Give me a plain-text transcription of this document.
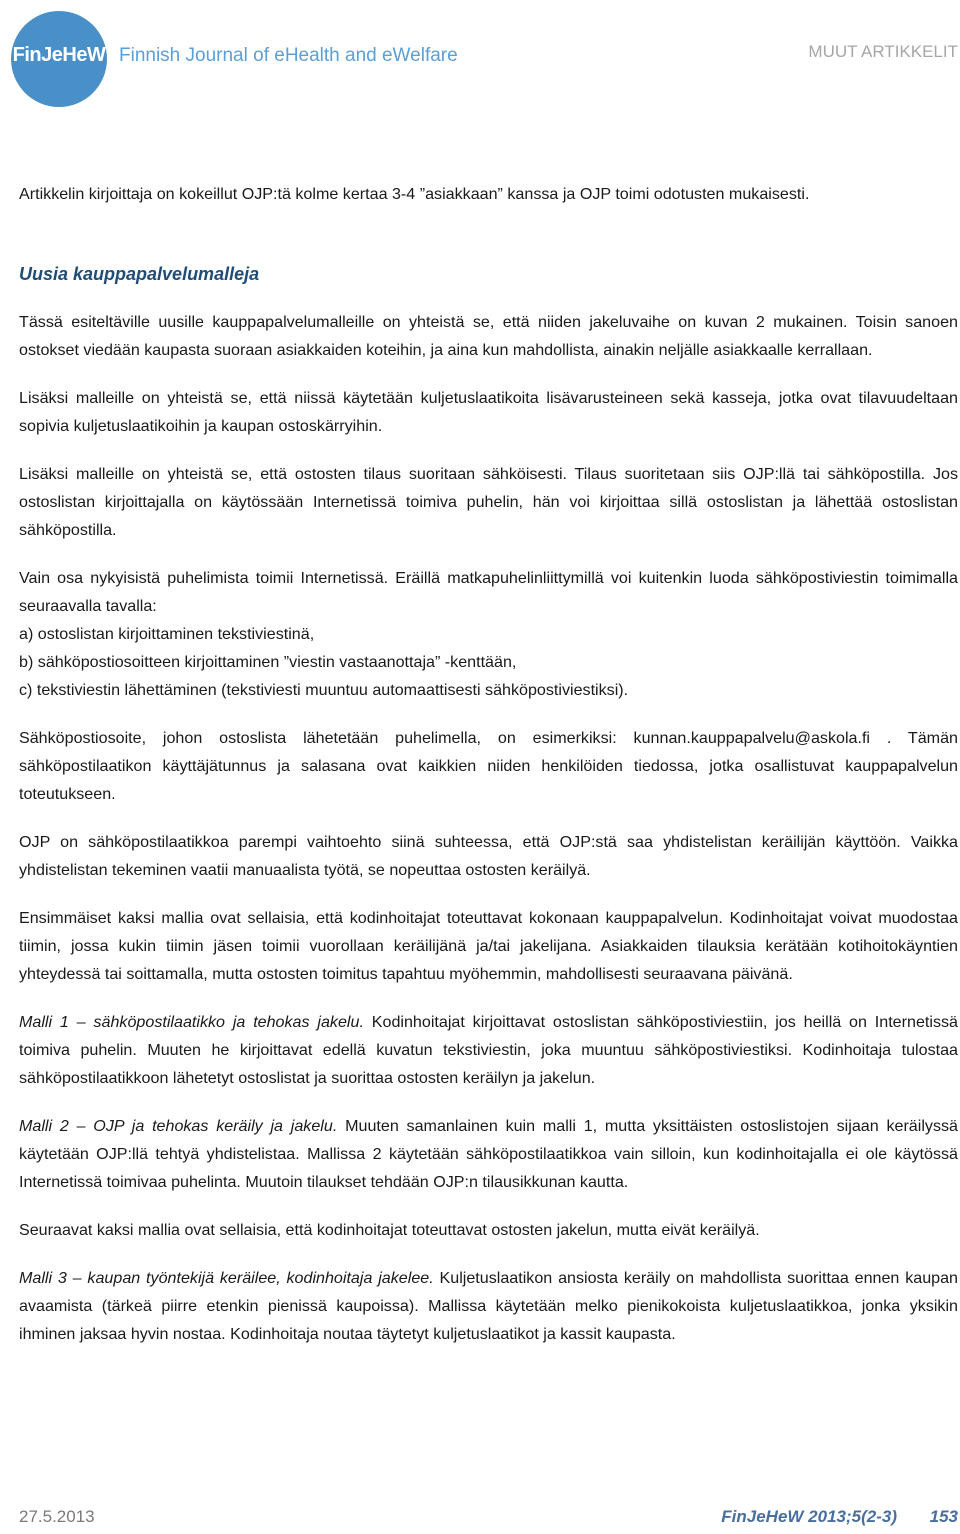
FinJeHeW Finnish Journal of eHealth and eWelfare	MUUT ARTIKKELIT

Artikkelin kirjoittaja on kokeillut OJP:tä kolme kertaa 3-4 ”asiakkaan” kanssa ja OJP toimi odotusten mukaisesti.

Uusia kauppapalvelumalleja

Tässä esiteltäville uusille kauppapalvelumalleille on yhteistä se, että niiden jakeluvaihe on kuvan 2 mukainen. Toisin sanoen ostokset viedään kaupasta suoraan asiakkaiden koteihin, ja aina kun mahdollista, ainakin neljälle asiakkaalle kerrallaan.

Lisäksi malleille on yhteistä se, että niissä käytetään kuljetuslaatikoita lisävarusteineen sekä kasseja, jotka ovat tilavuudeltaan sopivia kuljetuslaatikoihin ja kaupan ostoskärryihin.

Lisäksi malleille on yhteistä se, että ostosten tilaus suoritaan sähköisesti. Tilaus suoritetaan siis OJP:llä tai sähköpostilla. Jos ostoslistan kirjoittajalla on käytössään Internetissä toimiva puhelin, hän voi kirjoittaa sillä ostoslistan ja lähettää ostoslistan sähköpostilla.

Vain osa nykyisistä puhelimista toimii Internetissä. Eräillä matkapuhelinliittymillä voi kuitenkin luoda sähköpostiviestin toimimalla seuraavalla tavalla:

a) ostoslistan kirjoittaminen tekstiviestinä,

b) sähköpostiosoitteen kirjoittaminen ”viestin vastaanottaja” -kenttään,

c) tekstiviestin lähettäminen (tekstiviesti muuntuu automaattisesti sähköpostiviestiksi).

Sähköpostiosoite, johon ostoslista lähetetään puhelimella, on esimerkiksi: kunnan.kauppapalvelu@askola.fi . Tämän sähköpostilaatikon käyttäjätunnus ja salasana ovat kaikkien niiden henkilöiden tiedossa, jotka osallistuvat kauppapalvelun toteutukseen.

OJP on sähköpostilaatikkoa parempi vaihtoehto siinä suhteessa, että OJP:stä saa yhdistelistan keräilijän käyttöön. Vaikka yhdistelistan tekeminen vaatii manuaalista työtä, se nopeuttaa ostosten keräilyä.

Ensimmäiset kaksi mallia ovat sellaisia, että kodinhoitajat toteuttavat kokonaan kauppapalvelun. Kodinhoitajat voivat muodostaa tiimin, jossa kukin tiimin jäsen toimii vuorollaan keräilijänä ja/tai jakelijana. Asiakkaiden tilauksia kerätään kotihoitokäyntien yhteydessä tai soittamalla, mutta ostosten toimitus tapahtuu myöhemmin, mahdollisesti seuraavana päivänä.

Malli 1 – sähköpostilaatikko ja tehokas jakelu. Kodinhoitajat kirjoittavat ostoslistan sähköpostiviestiin, jos heillä on Internetissä toimiva puhelin. Muuten he kirjoittavat edellä kuvatun tekstiviestin, joka muuntuu sähköpostiviestiksi. Kodinhoitaja tulostaa sähköpostilaatikkoon lähetetyt ostoslistat ja suorittaa ostosten keräilyn ja jakelun.

Malli 2 – OJP ja tehokas keräily ja jakelu. Muuten samanlainen kuin malli 1, mutta yksittäisten ostoslistojen sijaan keräilyssä käytetään OJP:llä tehtyä yhdistelistaa. Mallissa 2 käytetään sähköpostilaatikkoa vain silloin, kun kodinhoitajalla ei ole käytössä Internetissä toimivaa puhelinta. Muutoin tilaukset tehdään OJP:n tilausikkunan kautta.

Seuraavat kaksi mallia ovat sellaisia, että kodinhoitajat toteuttavat ostosten jakelun, mutta eivät keräilyä.

Malli 3 – kaupan työntekijä keräilee, kodinhoitaja jakelee. Kuljetuslaatikon ansiosta keräily on mahdollista suorittaa ennen kaupan avaamista (tärkeä piirre etenkin pienissä kaupoissa). Mallissa käytetään melko pienikokoista kuljetuslaatikkoa, jonka yksikin ihminen jaksaa hyvin nostaa. Kodinhoitaja noutaa täytetyt kuljetuslaatikot ja kassit kaupasta.

27.5.2013	FinJeHeW 2013;5(2-3) 153
